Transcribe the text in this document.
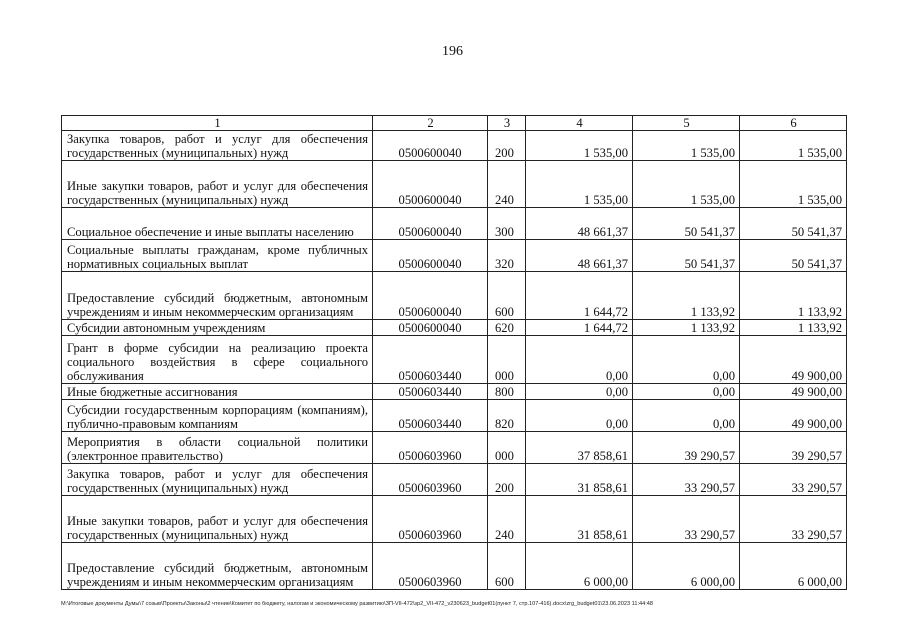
196
1	2	3	4	5	6
Закупка товаров, работ и услуг для обеспечения государственных (муниципальных) нужд	0500600040	200	1 535,00	1 535,00	1 535,00
Иные закупки товаров, работ и услуг для обеспечения государственных (муниципальных) нужд	0500600040	240	1 535,00	1 535,00	1 535,00
Социальное обеспечение и иные выплаты населению	0500600040	300	48 661,37	50 541,37	50 541,37
Социальные выплаты гражданам, кроме публичных нормативных социальных выплат	0500600040	320	48 661,37	50 541,37	50 541,37
Предоставление субсидий бюджетным, автономным учреждениям и иным некоммерческим организациям	0500600040	600	1 644,72	1 133,92	1 133,92
Субсидии автономным учреждениям	0500600040	620	1 644,72	1 133,92	1 133,92
Грант в форме субсидии на реализацию проекта социального воздействия в сфере социального обслуживания	0500603440	000	0,00	0,00	49 900,00
Иные бюджетные ассигнования	0500603440	800	0,00	0,00	49 900,00
Субсидии государственным корпорациям (компаниям), публично-правовым компаниям	0500603440	820	0,00	0,00	49 900,00
Мероприятия в области социальной политики (электронное правительство)	0500603960	000	37 858,61	39 290,57	39 290,57
Закупка товаров, работ и услуг для обеспечения государственных (муниципальных) нужд	0500603960	200	31 858,61	33 290,57	33 290,57
Иные закупки товаров, работ и услуг для обеспечения государственных (муниципальных) нужд	0500603960	240	31 858,61	33 290,57	33 290,57
Предоставление субсидий бюджетным, автономным учреждениям и иным некоммерческим организациям	0500603960	600	6 000,00	6 000,00	6 000,00
M:\Итоговые документы Думы\7 созыв\Проекты\Законы\2 чтение\Комитет по бюджету, налогам и экономическому развитию\ЗП-VII-472\зр2_VII-472_v230623_budget01(пункт 7, стр.107-416).docx\zrg_budget01\23.06.2023 11:44:48
